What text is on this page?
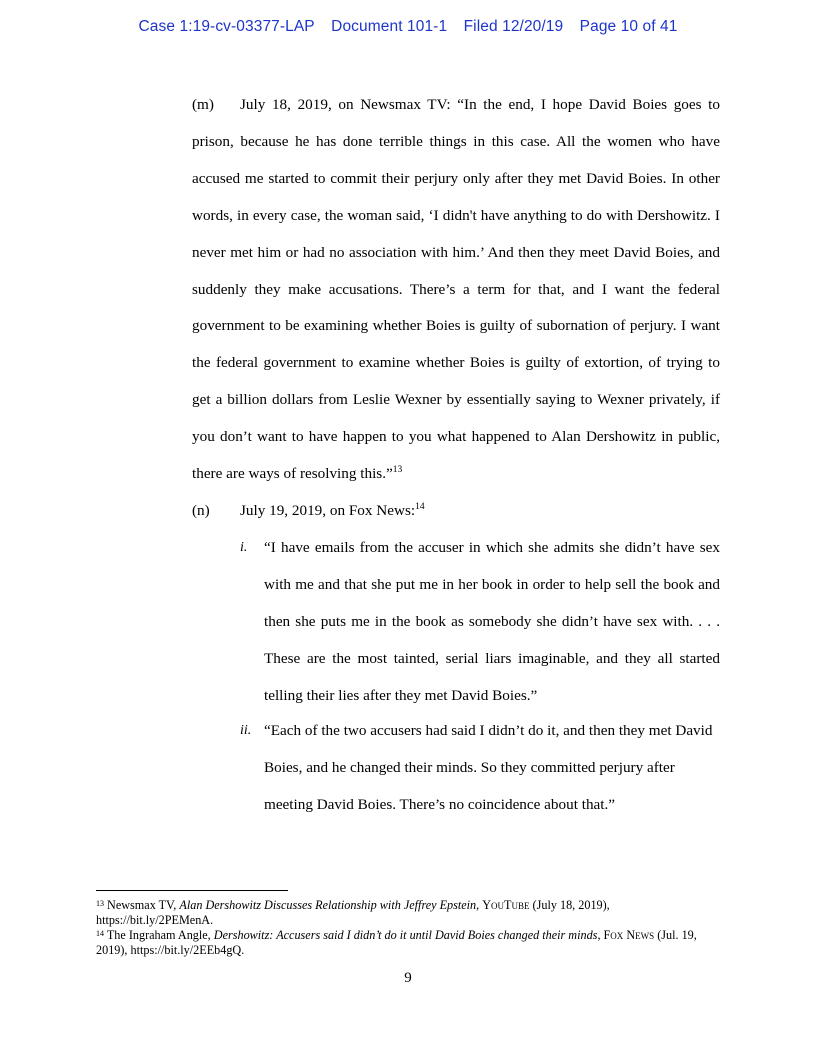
Case 1:19-cv-03377-LAP Document 101-1 Filed 12/20/19 Page 10 of 41
(m) July 18, 2019, on Newsmax TV: “In the end, I hope David Boies goes to prison, because he has done terrible things in this case. All the women who have accused me started to commit their perjury only after they met David Boies. In other words, in every case, the woman said, ‘I didn't have anything to do with Dershowitz. I never met him or had no association with him.’ And then they meet David Boies, and suddenly they make accusations. There’s a term for that, and I want the federal government to be examining whether Boies is guilty of subornation of perjury. I want the federal government to examine whether Boies is guilty of extortion, of trying to get a billion dollars from Leslie Wexner by essentially saying to Wexner privately, if you don’t want to have happen to you what happened to Alan Dershowitz in public, there are ways of resolving this.”$^{13}$
(n) July 19, 2019, on Fox News:$^{14}$
i. “I have emails from the accuser in which she admits she didn’t have sex with me and that she put me in her book in order to help sell the book and then she puts me in the book as somebody she didn’t have sex with. . . . These are the most tainted, serial liars imaginable, and they all started telling their lies after they met David Boies.”
ii. “Each of the two accusers had said I didn’t do it, and then they met David Boies, and he changed their minds. So they committed perjury after meeting David Boies. There’s no coincidence about that.”

$^{13}$ Newsmax TV, Alan Dershowitz Discusses Relationship with Jeffrey Epstein, YouTube (July 18, 2019), https://bit.ly/2PEMenA.

$^{14}$ The Ingraham Angle, Dershowitz: Accusers said I didn’t do it until David Boies changed their minds, Fox News (Jul. 19, 2019), https://bit.ly/2EEb4gQ.

9
